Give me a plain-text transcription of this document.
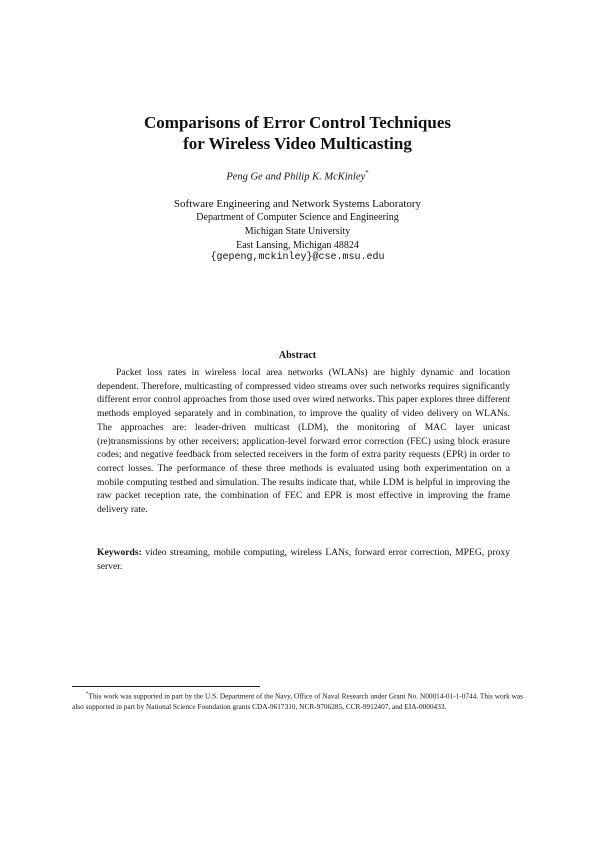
Comparisons of Error Control Techniques
for Wireless Video Multicasting
Peng Ge and Philip K. McKinley*
Software Engineering and Network Systems Laboratory
Department of Computer Science and Engineering
Michigan State University
East Lansing, Michigan 48824
{gepeng,mckinley}@cse.msu.edu
Abstract
Packet loss rates in wireless local area networks (WLANs) are highly dynamic and location dependent. Therefore, multicasting of compressed video streams over such networks requires significantly different error control approaches from those used over wired networks. This paper explores three different methods employed separately and in combination, to improve the quality of video delivery on WLANs. The approaches are: leader-driven multicast (LDM), the monitoring of MAC layer unicast (re)transmissions by other receivers; application-level forward error correction (FEC) using block erasure codes; and negative feedback from selected receivers in the form of extra parity requests (EPR) in order to correct losses. The performance of these three methods is evaluated using both experimentation on a mobile computing testbed and simulation. The results indicate that, while LDM is helpful in improving the raw packet reception rate, the combination of FEC and EPR is most effective in improving the frame delivery rate.
Keywords: video streaming, mobile computing, wireless LANs, forward error correction, MPEG, proxy server.
*This work was supported in part by the U.S. Department of the Navy, Office of Naval Research under Grant No. N00014-01-1-0744. This work was also supported in part by National Science Foundation grants CDA-9617310, NCR-9706285, CCR-9912407, and EIA-0000433.
